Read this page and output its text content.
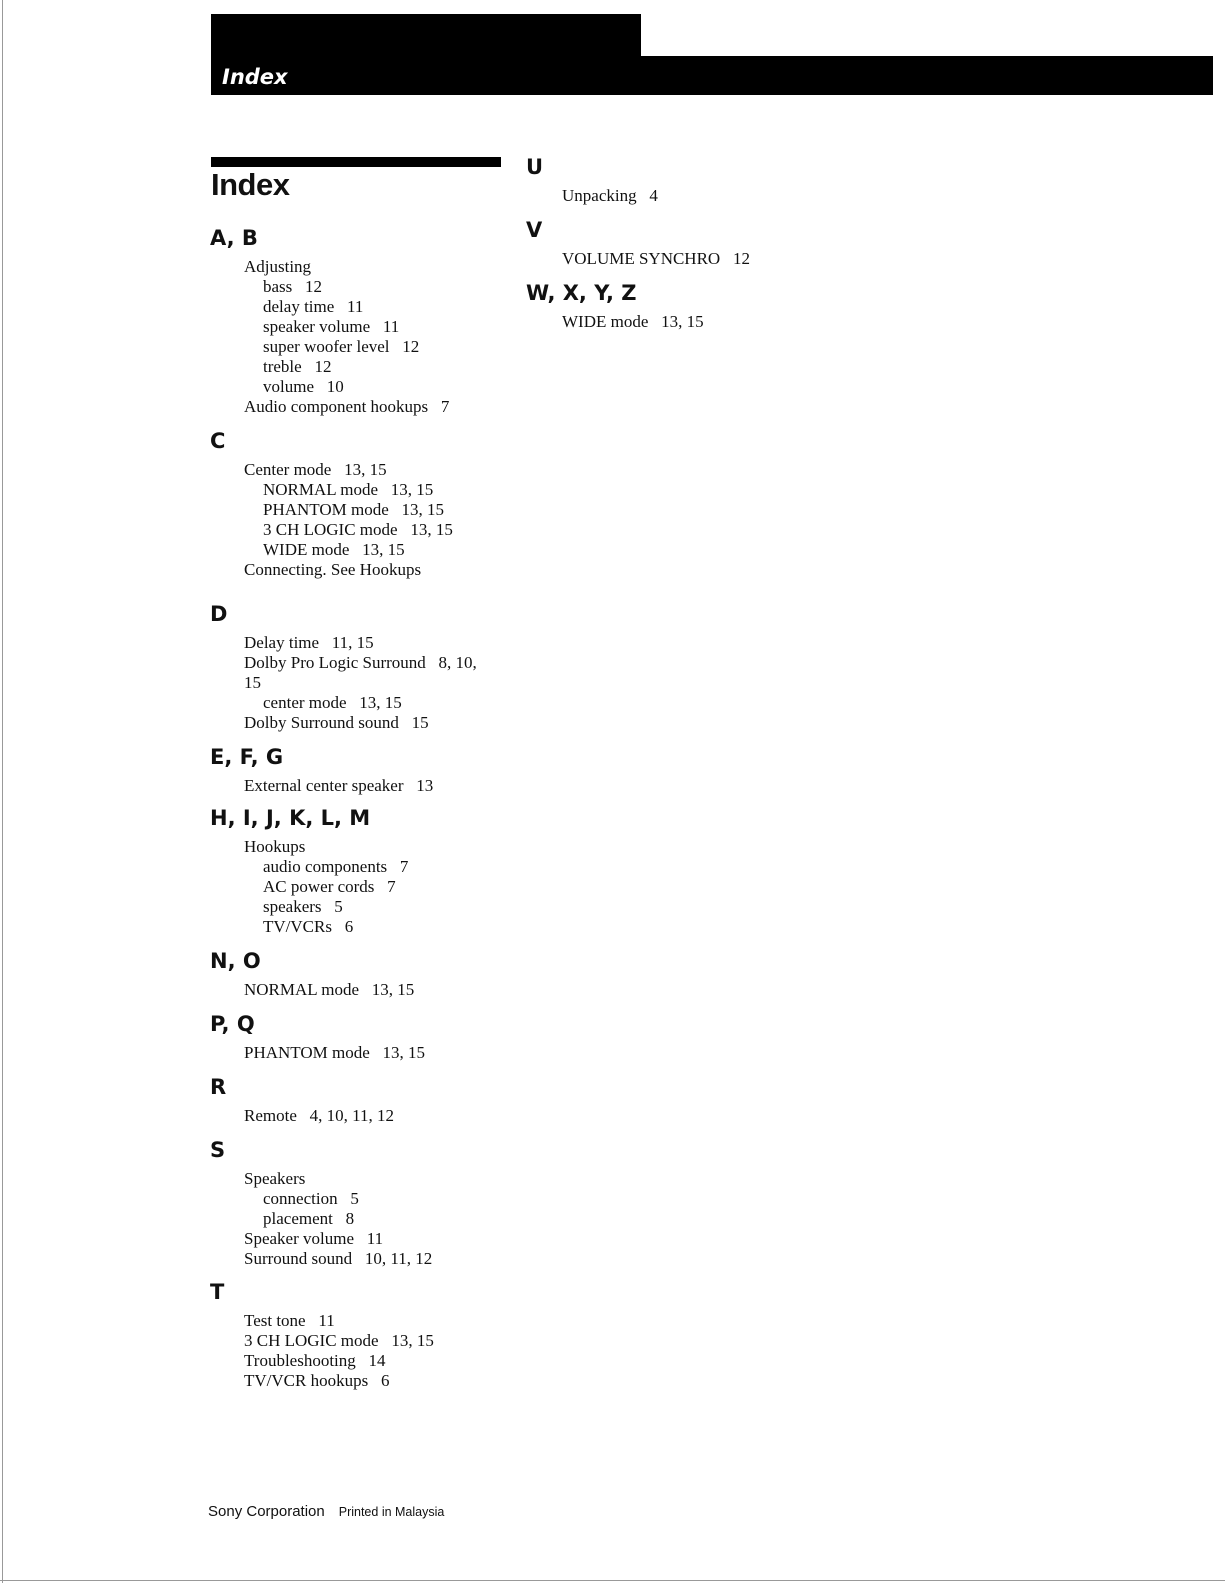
Index
Index
A, B
Adjusting
bass   12
delay time   11
speaker volume   11
super woofer level   12
treble   12
volume   10
Audio component hookups   7
C
Center mode   13, 15
NORMAL mode   13, 15
PHANTOM mode   13, 15
3 CH LOGIC mode   13, 15
WIDE mode   13, 15
Connecting. See Hookups
D
Delay time   11, 15
Dolby Pro Logic Surround   8, 10, 15
center mode   13, 15
Dolby Surround sound   15
E, F, G
External center speaker   13
H, I, J, K, L, M
Hookups
audio components   7
AC power cords   7
speakers   5
TV/VCRs   6
N, O
NORMAL mode   13, 15
P, Q
PHANTOM mode   13, 15
R
Remote   4, 10, 11, 12
S
Speakers
connection   5
placement   8
Speaker volume   11
Surround sound   10, 11, 12
T
Test tone   11
3 CH LOGIC mode   13, 15
Troubleshooting   14
TV/VCR hookups   6
U
Unpacking   4
V
VOLUME SYNCHRO   12
W, X, Y, Z
WIDE mode   13, 15
Sony Corporation Printed in Malaysia
